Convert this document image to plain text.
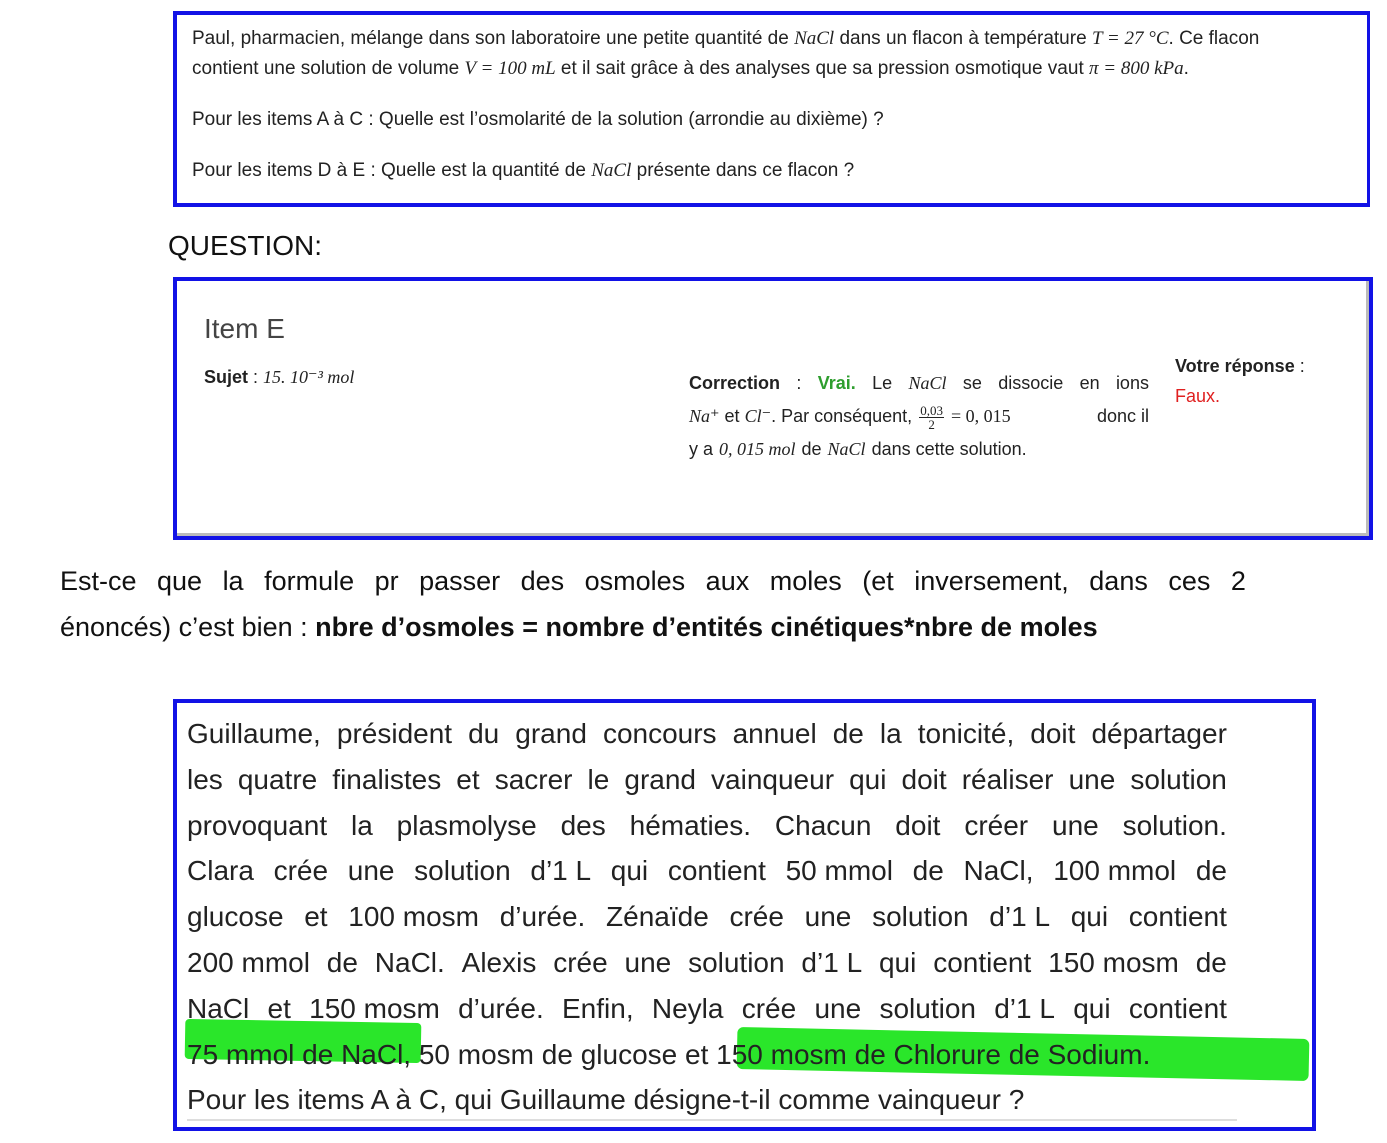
Paul, pharmacien, mélange dans son laboratoire une petite quantité de NaCl dans un flacon à température T = 27 °C. Ce flacon
contient une solution de volume V = 100 mL et il sait grâce à des analyses que sa pression osmotique vaut π = 800 kPa.
Pour les items A à C : Quelle est l’osmolarité de la solution (arrondie au dixième) ?
Pour les items D à E : Quelle est la quantité de NaCl présente dans ce flacon ?
QUESTION:
Item E
Sujet : 15. 10⁻³ mol	Correction : Vrai. Le NaCl se dissocie en ions
Na⁺ et Cl⁻. Par conséquent, $\frac{0,03}{2} = 0$, 015	donc il
y a 0, 015 mol de NaCl dans cette solution.
Votre réponse :
Faux.
Est-ce que la formule pr passer des osmoles aux moles (et inversement, dans ces 2
énoncés) c’est bien : nbre d’osmoles = nombre d’entités cinétiques*nbre de moles
Guillaume, président du grand concours annuel de la tonicité, doit départager
les quatre finalistes et sacrer le grand vainqueur qui doit réaliser une solution
provoquant la plasmolyse des hématies. Chacun doit créer une solution.
Clara crée une solution d’1 L qui contient 50 mmol de NaCl, 100 mmol de
glucose et 100 mosm d’urée. Zénaïde crée une solution d’1 L qui contient
200 mmol de NaCl. Alexis crée une solution d’1 L qui contient 150 mosm de
NaCl et 150 mosm d’urée. Enfin, Neyla crée une solution d’1 L qui contient
75 mmol de NaCl, 50 mosm de glucose et 150 mosm de Chlorure de Sodium.
Pour les items A à C, qui Guillaume désigne-t-il comme vainqueur ?
